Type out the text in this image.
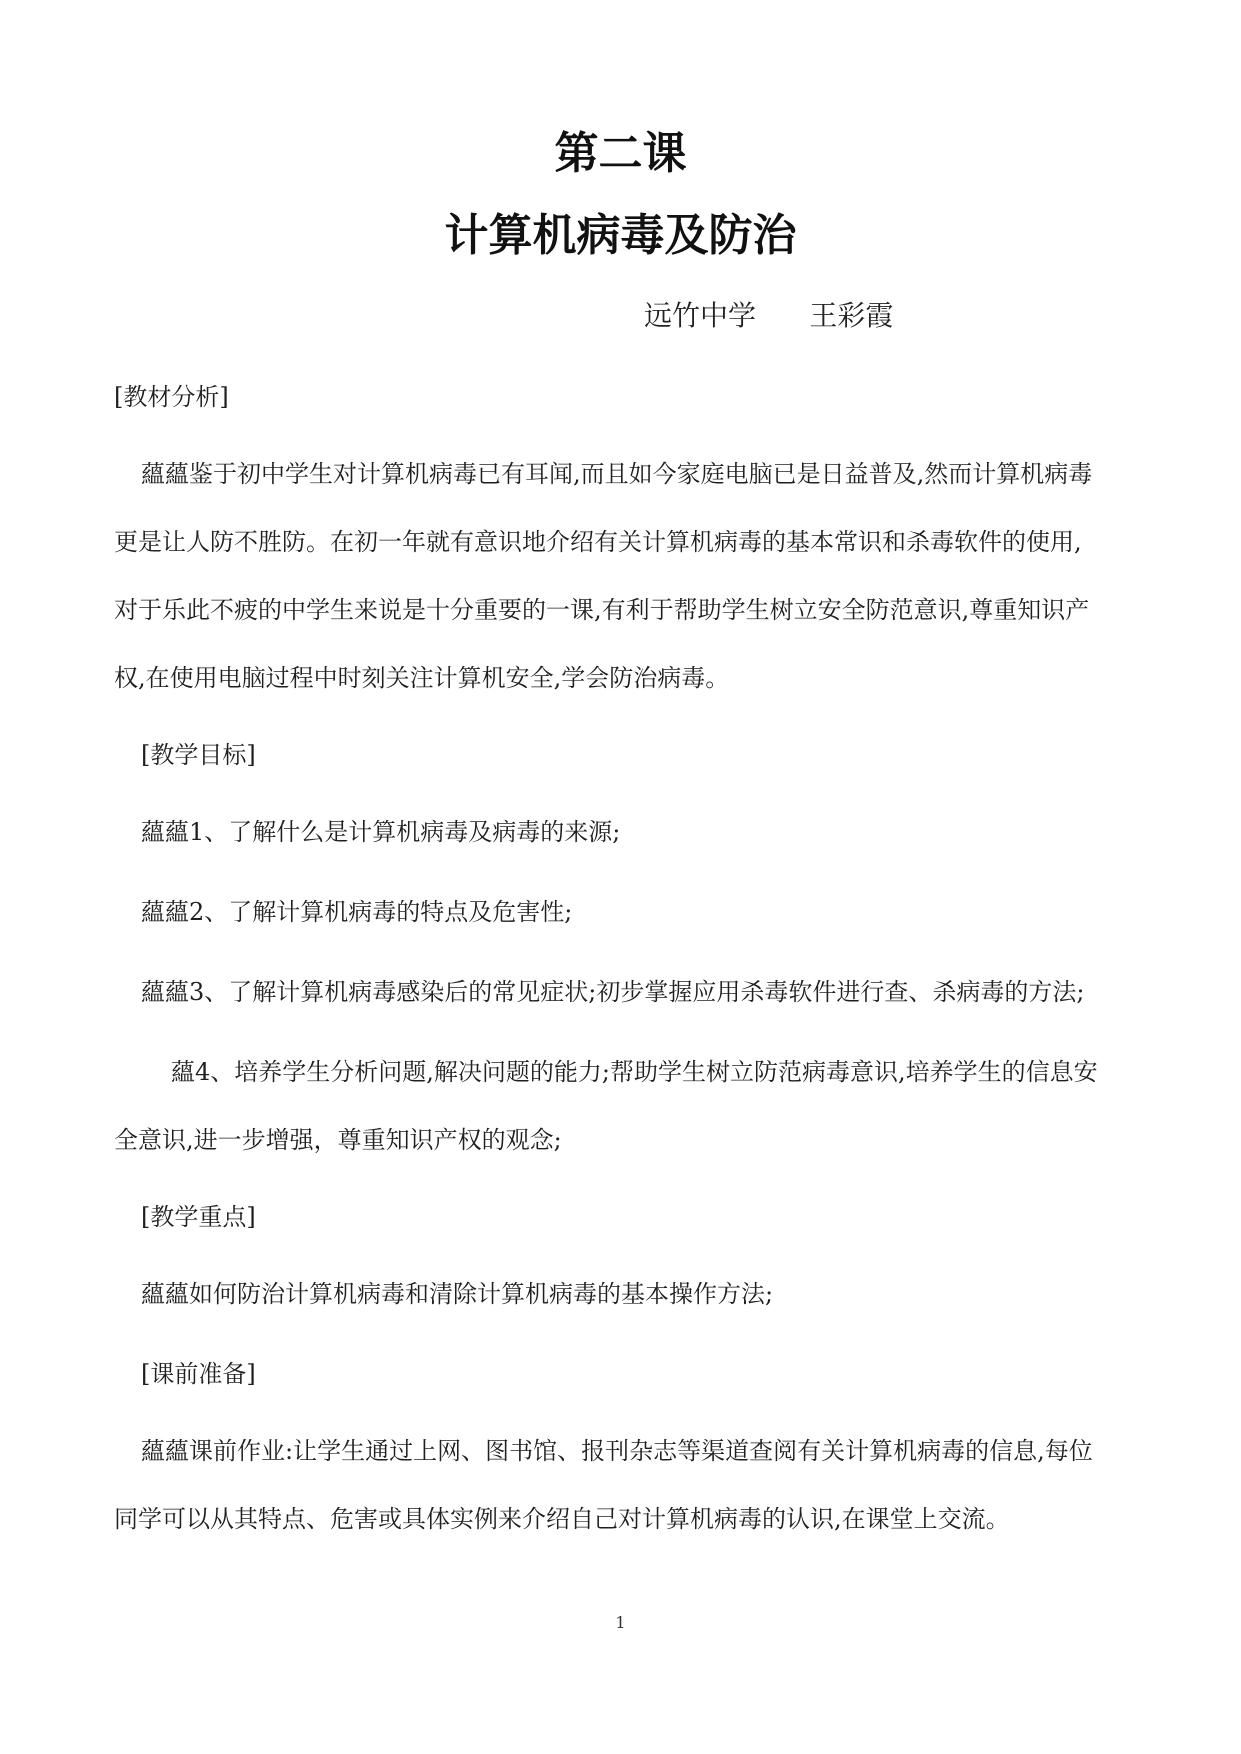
第二课
计算机病毒及防治
远竹中学      王彩霞
[教材分析]
蘊蘊鉴于初中学生对计算机病毒已有耳闻,而且如今家庭电脑已是日益普及,然而计算机病毒
更是让人防不胜防。在初一年就有意识地介绍有关计算机病毒的基本常识和杀毒软件的使用,
对于乐此不疲的中学生来说是十分重要的一课,有利于帮助学生树立安全防范意识,尊重知识产
权,在使用电脑过程中时刻关注计算机安全,学会防治病毒。
[教学目标]
蘊蘊1、了解什么是计算机病毒及病毒的来源;
蘊蘊2、了解计算机病毒的特点及危害性;
蘊蘊3、了解计算机病毒感染后的常见症状;初步掌握应用杀毒软件进行查、杀病毒的方法;
蘊4、培养学生分析问题,解决问题的能力;帮助学生树立防范病毒意识,培养学生的信息安
全意识,进一步增强，尊重知识产权的观念;
[教学重点]
蘊蘊如何防治计算机病毒和清除计算机病毒的基本操作方法;
[课前准备]
蘊蘊课前作业:让学生通过上网、图书馆、报刊杂志等渠道查阅有关计算机病毒的信息,每位
同学可以从其特点、危害或具体实例来介绍自己对计算机病毒的认识,在课堂上交流。
1
